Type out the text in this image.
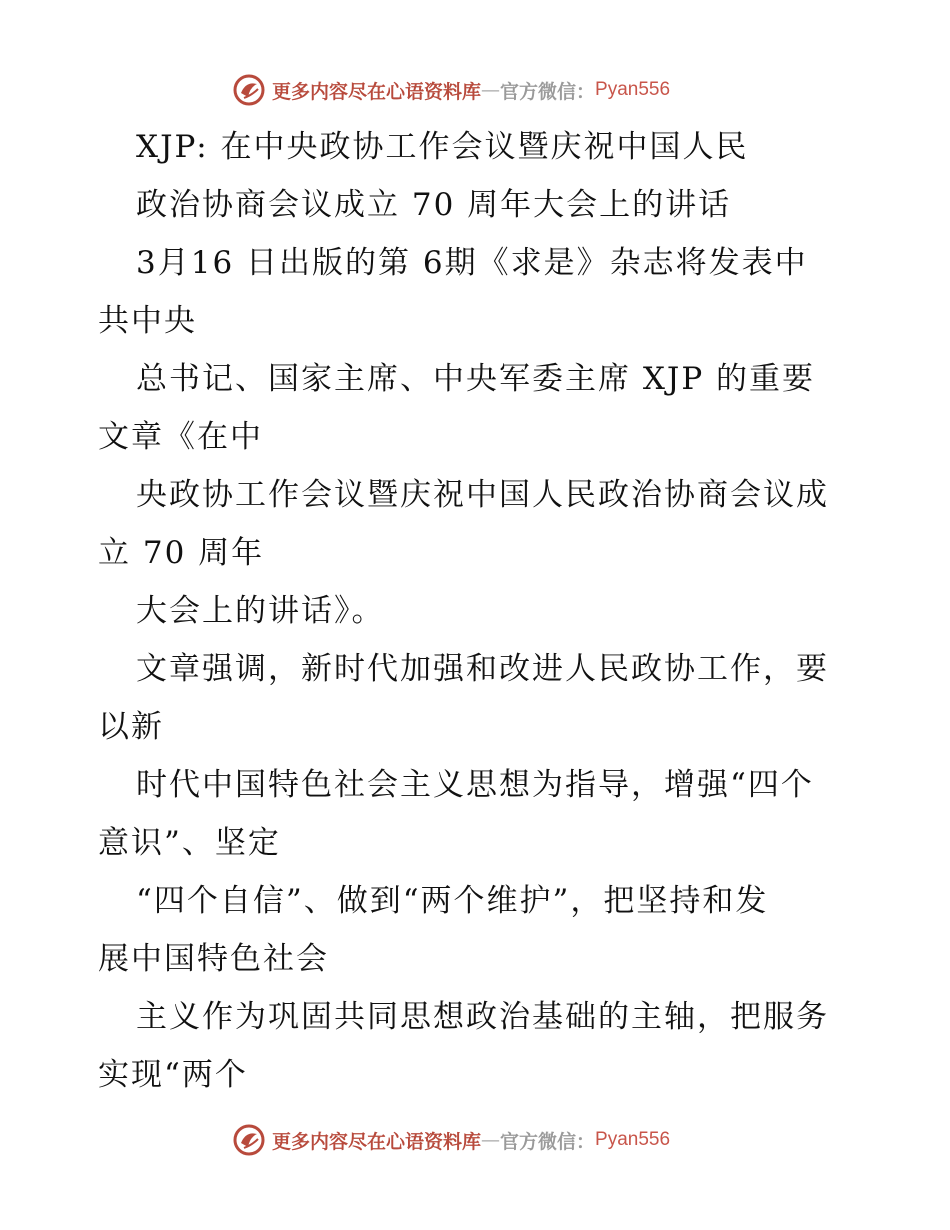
更多内容尽在心语资料库 — 官方微信： Pyan556
XJP: 在中央政协工作会议暨庆祝中国人民
政治协商会议成立 70 周年大会上的讲话
3月16 日出版的第 6期《求是》杂志将发表中
共中央
总书记、国家主席、中央军委主席 XJP 的重要
文章《在中
央政协工作会议暨庆祝中国人民政治协商会议成
立 70 周年
大会上的讲话》。
文章强调，新时代加强和改进人民政协工作，要
以新
时代中国特色社会主义思想为指导，增强“四个
意识”、坚定
“四个自信”、做到“两个维护”，把坚持和发
展中国特色社会
主义作为巩固共同思想政治基础的主轴，把服务
实现“两个
更多内容尽在心语资料库 — 官方微信： Pyan556
